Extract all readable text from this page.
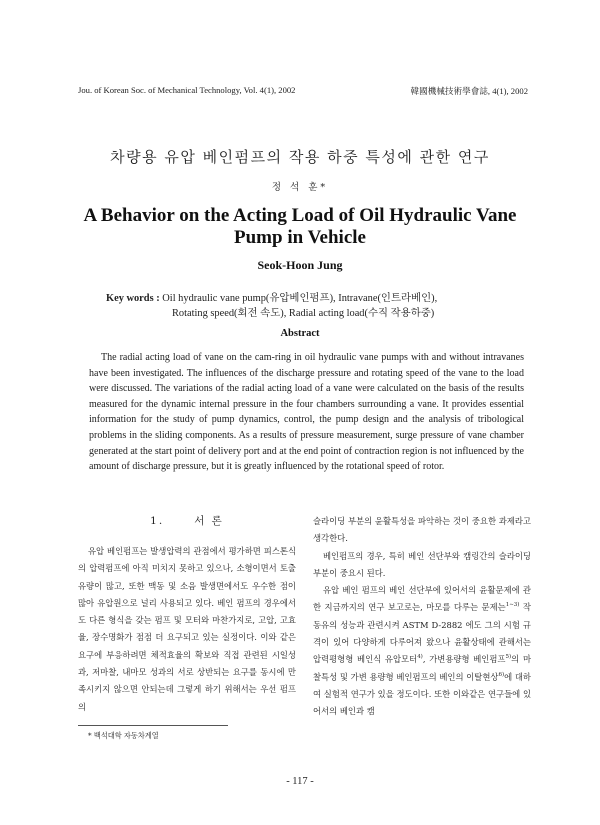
Jou. of Korean Soc. of Mechanical Technology, Vol. 4(1), 2002	韓國機械技術學會誌, 4(1), 2002
차량용 유압 베인펌프의 작용 하중 특성에 관한 연구
정 석 훈*
A Behavior on the Acting Load of Oil Hydraulic Vane Pump in Vehicle
Seok-Hoon Jung
Key words : Oil hydraulic vane pump(유압베인펌프), Intravane(인트라베인),
Rotating speed(회전 속도), Radial acting load(수직 작용하중)
Abstract

The radial acting load of vane on the cam-ring in oil hydraulic vane pumps with and without intravanes have been investigated. The influences of the discharge pressure and rotating speed of the vane to the load were discussed. The variations of the radial acting load of a vane were calculated on the basis of the results measured for the dynamic internal pressure in the four chambers surrounding a vane. It provides essential information for the study of pump dynamics, control, the pump design and the analysis of tribological problems in the sliding components. As a results of pressure measurement, surge pressure of vane chamber generated at the start point of delivery port and at the end point of contraction region is not influenced by the amount of discharge pressure, but it is greatly influenced by the rotational speed of rotor.

1.	서 론

유압 베인펌프는 발생압력의 관점에서 평가하면 피스톤식의 압력펌프에 아직 미치지 못하고 있으나, 소형이면서 토출유량이 많고, 또한 맥동 및 소음 발생면에서도 우수한 점이 많아 유압원으로 널리 사용되고 있다. 베인 펌프의 경우에서도 다른 형식을 갖는 펌프 및 모터와 마찬가지로, 고압, 고효율, 장수명화가 점점 더 요구되고 있는 실정이다. 이와 같은 요구에 부응하려면 체적효율의 확보와 직접 관련된 시일성과, 저마찰, 내마모 성과의 서로 상반되는 요구를 동시에 만족시키지 않으면 안되는데 그렇게 하기 위해서는 우선 펌프의

슬라이딩 부분의 윤활특성을 파악하는 것이 중요한 과제라고 생각한다.

베인펌프의 경우, 특히 베인 선단부와 캠링간의 슬라이딩부분이 중요시 된다.

유압 베인 펌프의 베인 선단부에 있어서의 윤활문제에 관한 지금까지의 연구 보고로는, 마모를 다루는 문제는$^{1\sim 3)}$ 작동유의 성능과 관련시켜 ASTM D-2882 에도 그의 시험 규격이 있어 다양하게 다루어져 왔으나 윤활상태에 관해서는 압력평형형 베인식 유압모터$^{4)}$, 가변용량형 베인펌프$^{5)}$의 마찰특성 및 가변 용량형 베인펌프의 베인의 이탈현상$^{6)}$에 대하여 실험적 연구가 있을 정도이다. 또한 이와같은 연구들에 있어서의 베인과 캠

* 백석대학 자동차계열
- 117 -
